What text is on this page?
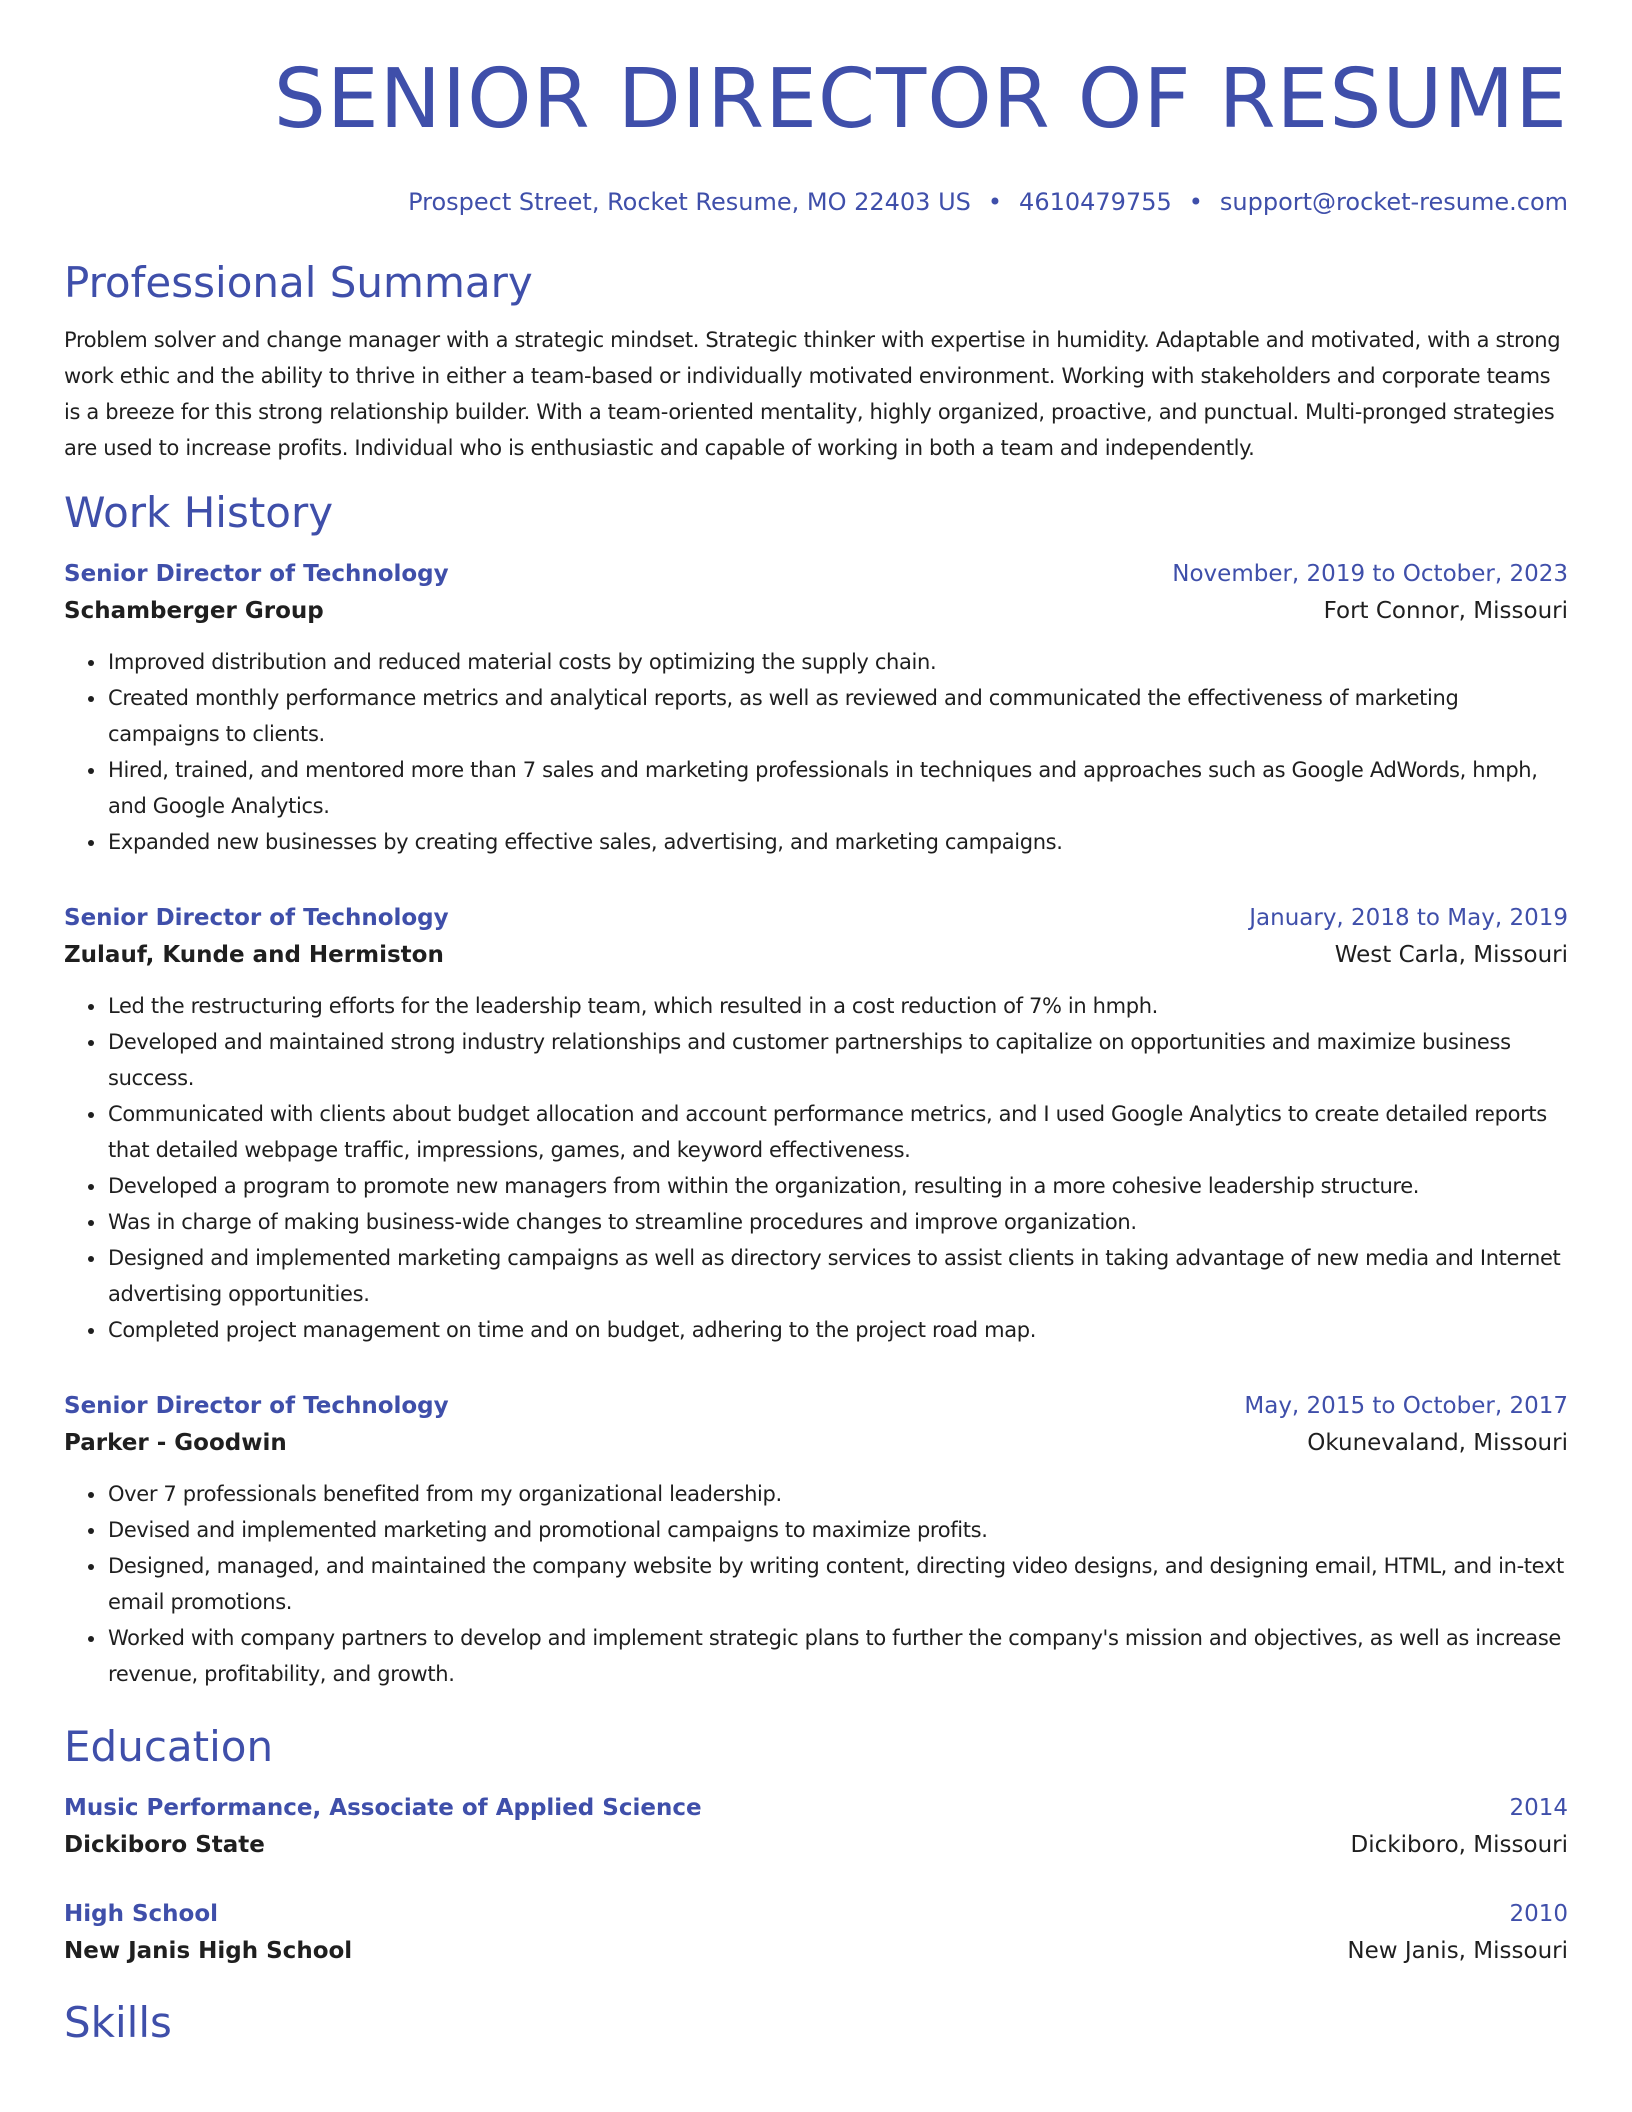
SENIOR DIRECTOR OF RESUME
Prospect Street, Rocket Resume, MO 22403 US • 4610479755 • support@rocket-resume.com
Professional Summary

Problem solver and change manager with a strategic mindset. Strategic thinker with expertise in humidity. Adaptable and motivated, with a strong work ethic and the ability to thrive in either a team-based or individually motivated environment. Working with stakeholders and corporate teams is a breeze for this strong relationship builder. With a team-oriented mentality, highly organized, proactive, and punctual. Multi-pronged strategies are used to increase profits. Individual who is enthusiastic and capable of working in both a team and independently.

Work History
Senior Director of Technology	November, 2019 to October, 2023
Schamberger Group	Fort Connor, Missouri
• Improved distribution and reduced material costs by optimizing the supply chain.
• Created monthly performance metrics and analytical reports, as well as reviewed and communicated the effectiveness of marketing campaigns to clients.
• Hired, trained, and mentored more than 7 sales and marketing professionals in techniques and approaches such as Google AdWords, hmph, and Google Analytics.
• Expanded new businesses by creating effective sales, advertising, and marketing campaigns.
Senior Director of Technology	January, 2018 to May, 2019
Zulauf, Kunde and Hermiston	West Carla, Missouri
• Led the restructuring efforts for the leadership team, which resulted in a cost reduction of 7% in hmph.
• Developed and maintained strong industry relationships and customer partnerships to capitalize on opportunities and maximize business success.
• Communicated with clients about budget allocation and account performance metrics, and I used Google Analytics to create detailed reports that detailed webpage traffic, impressions, games, and keyword effectiveness.
• Developed a program to promote new managers from within the organization, resulting in a more cohesive leadership structure.
• Was in charge of making business-wide changes to streamline procedures and improve organization.
• Designed and implemented marketing campaigns as well as directory services to assist clients in taking advantage of new media and Internet advertising opportunities.
• Completed project management on time and on budget, adhering to the project road map.
Senior Director of Technology	May, 2015 to October, 2017
Parker - Goodwin	Okunevaland, Missouri
• Over 7 professionals benefited from my organizational leadership.
• Devised and implemented marketing and promotional campaigns to maximize profits.
• Designed, managed, and maintained the company website by writing content, directing video designs, and designing email, HTML, and in-text email promotions.
• Worked with company partners to develop and implement strategic plans to further the company's mission and objectives, as well as increase revenue, profitability, and growth.
Education
Music Performance, Associate of Applied Science	2014
Dickiboro State	Dickiboro, Missouri
High School	2010
New Janis High School	New Janis, Missouri
Skills
